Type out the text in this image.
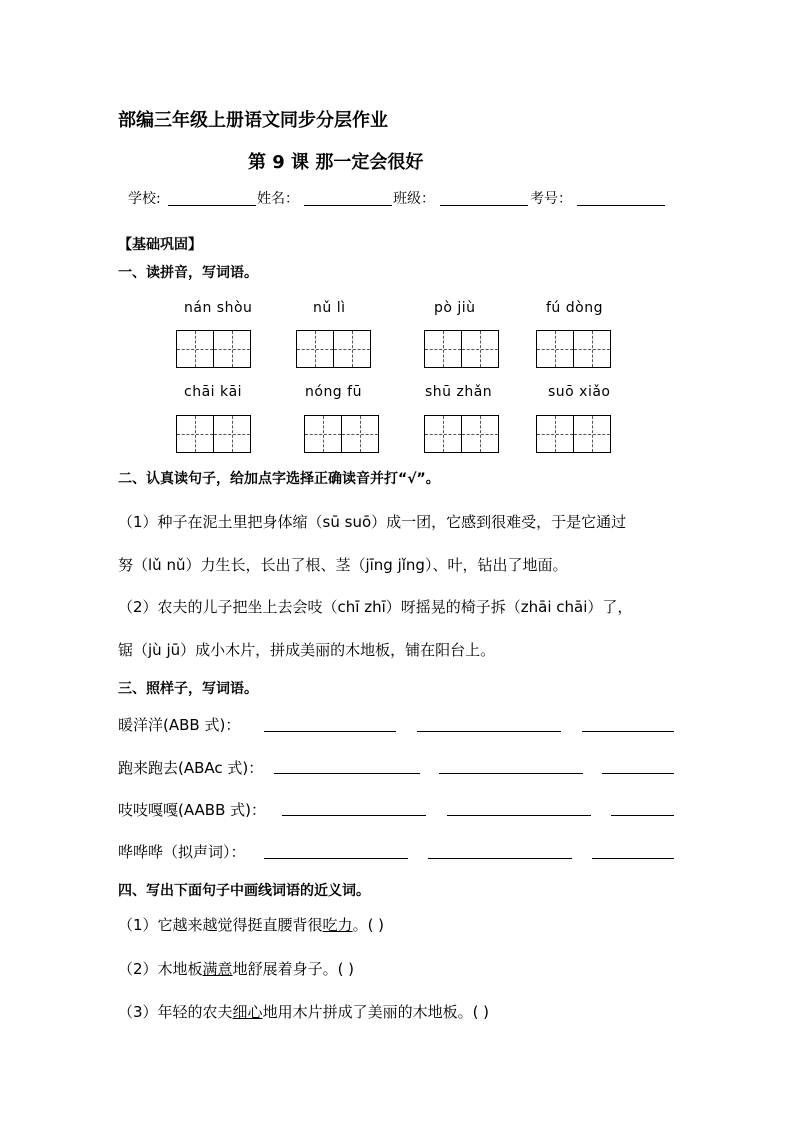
部编三年级上册语文同步分层作业
第 9 课 那一定会很好
学校:	姓名：	班级：	考号：
【基础巩固】
一、读拼音，写词语。
nán shòu	nǔ lì	pò jiù	fú dòng
chāi kāi	nóng fū	shū zhǎn	suō xiǎo
二、认真读句子，给加点字选择正确读音并打“√”。
（1）种子在泥土里把身体缩（sū suō）成一团，它感到很难受，于是它通过
努（lǔ nǔ）力生长，长出了根、茎（jīng jǐng）、叶，钻出了地面。
（2）农夫的儿子把坐上去会吱（chī zhī）呀摇晃的椅子拆（zhāi chāi）了，
锯（jù jū）成小木片，拼成美丽的木地板，铺在阳台上。
三、照样子，写词语。
暖洋洋(ABB 式)：
跑来跑去(ABAc 式)：
吱吱嘎嘎(AABB 式)：
哗哗哗（拟声词）：
四、写出下面句子中画线词语的近义词。
（1）它越来越觉得挺直腰背很吃力。( )
（2）木地板满意地舒展着身子。( )
（3）年轻的农夫细心地用木片拼成了美丽的木地板。( )
